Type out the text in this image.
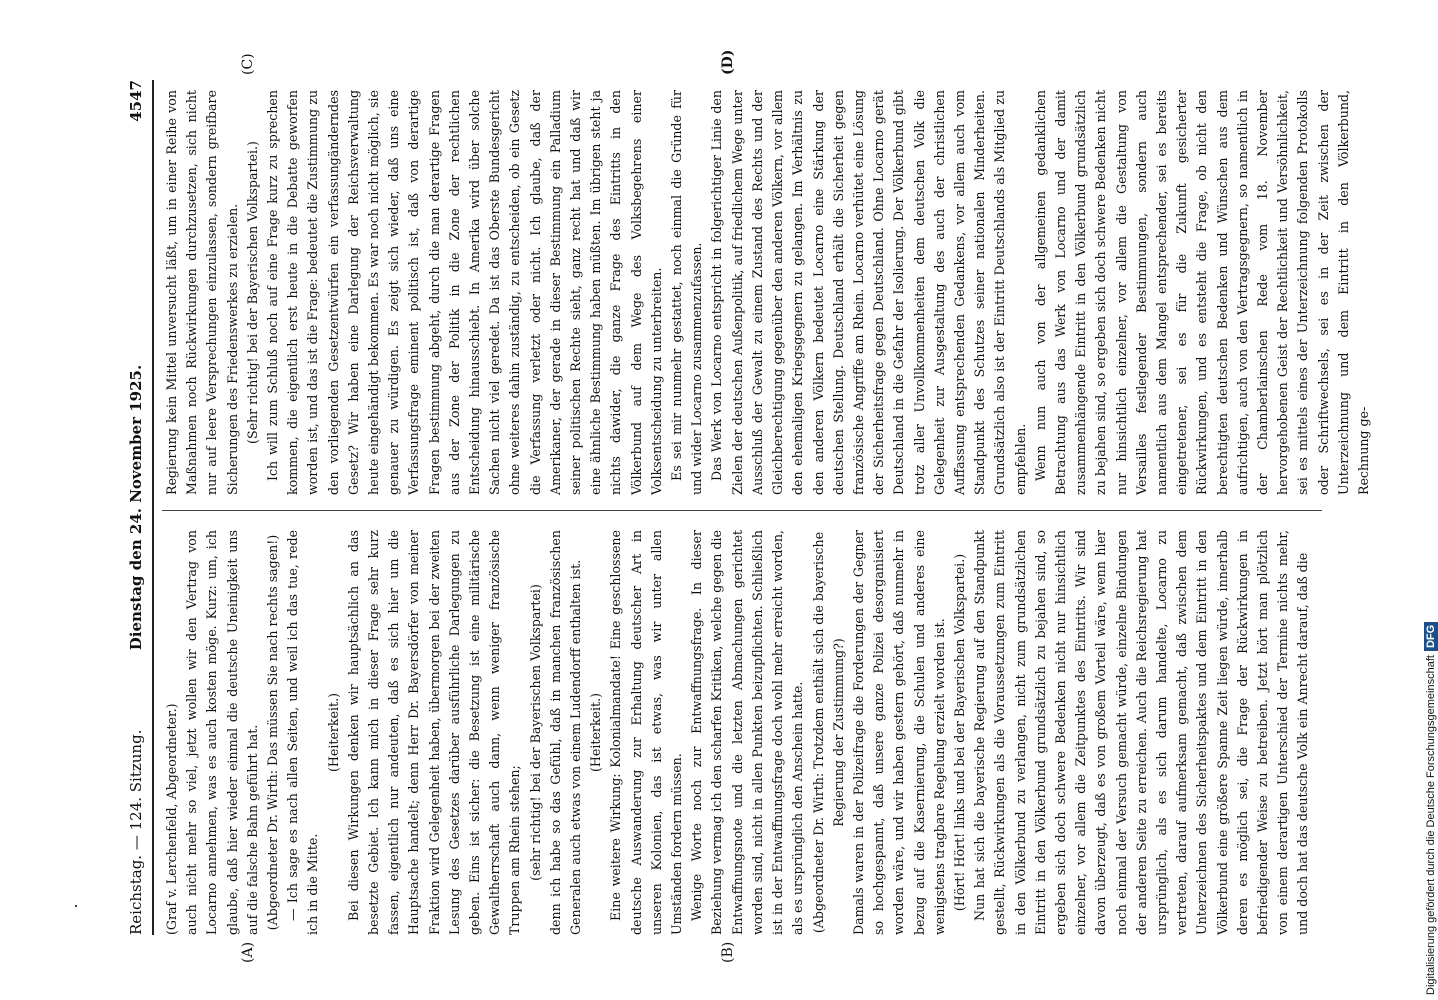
Reichstag. — 124. Sitzung.
Dienstag den 24. November 1925.
4547

(Graf v. Lerchenfeld, Abgeordneter.) auch nicht mehr so viel, jetzt wollen wir den Vertrag von Locarno annehmen, was es auch kosten möge. Kurz: um, ich glaube, daß hier wieder einmal die deutsche Uneinigkeit uns auf die falsche Bahn geführt hat. (Abgeordneter Dr. Wirth: Das müssen Sie nach rechts sagen!) — Ich sage es nach allen Seiten, und weil ich das tue, rede ich in die Mitte.

(Heiterkeit.) Bei diesen Wirkungen denken wir hauptsächlich an das besetzte Gebiet. Ich kann mich in dieser Frage sehr kurz fassen, eigentlich nur andeuten, daß es sich hier um die Hauptsache handelt; denn Herr Dr. Bayersdörfer von meiner Fraktion wird Gelegenheit haben, übermorgen bei der zweiten Lesung des Gesetzes darüber ausführliche Darlegungen zu geben. Eins ist sicher: die Besetzung ist eine militärische Gewaltherrschaft auch dann, wenn weniger französische Truppen am Rhein stehen; (sehr richtig! bei der Bayerischen Volkspartei) denn ich habe so das Gefühl, daß in manchen französischen Generalen auch etwas von einem Ludendorff enthalten ist. (Heiterkeit.) Eine weitere Wirkung: Kolonialmandate! Eine geschlossene deutsche Auswanderung zur Erhaltung deutscher Art in unseren Kolonien, das ist etwas, was wir unter allen Umständen fordern müssen. Wenige Worte noch zur Entwaffnungsfrage. In dieser Beziehung vermag ich den scharfen Kritiken, welche gegen die Entwaffnungsnote und die letzten Abmachungen gerichtet worden sind, nicht in allen Punkten beizupflichten. Schließlich ist in der Entwaffnungsfrage doch wohl mehr erreicht worden, als es ursprünglich den Anschein hatte. (Abgeordneter Dr. Wirth: Trotzdem enthält sich die bayerische Regierung der Zustimmung?) Damals waren in der Polizeifrage die Forderungen der Gegner so hochgespannt, daß unsere ganze Polizei desorganisiert worden wäre, und wir haben gestern gehört, daß nunmehr in bezug auf die Kasernierung, die Schulen und anderes eine wenigstens tragbare Regelung erzielt worden ist. (Hört! Hört! links und bei der Bayerischen Volkspartei.) Nun hat sich die bayerische Regierung auf den Standpunkt gestellt, Rückwirkungen als die Voraussetzungen zum Eintritt in den Völkerbund zu verlangen, nicht zum grundsätzlichen Eintritt in den Völkerbund grundsätzlich zu bejahen sind, so ergeben sich doch schwere Bedenken nicht nur hinsichtlich einzelner, vor allem die Zeitpunktes des Eintritts. Wir sind davon überzeugt, daß es von großem Vorteil wäre, wenn hier noch einmal der Versuch gemacht würde, einzelne Bindungen der anderen Seite zu erreichen. Auch die Reichsregierung hat ursprünglich, als es sich darum handelte, Locarno zu vertreten, darauf aufmerksam gemacht, daß zwischen dem Unterzeichnen des Sicherheitspaktes und dem Eintritt in den Völkerbund eine größere Spanne Zeit liegen würde, innerhalb deren es möglich sei, die Frage der Rückwirkungen in befriedigender Weise zu betreiben. Jetzt hört man plötzlich von einem derartigen Unterschied der Termine nichts mehr, und doch hat das deutsche Volk ein Anrecht darauf, daß die

Regierung kein Mittel unversucht läßt, um in einer Reihe von Maßnahmen noch Rückwirkungen durchzusetzen, sich nicht nur auf leere Versprechungen einzulassen, sondern greifbare Sicherungen des Friedenswerkes zu erzielen. (Sehr richtig! bei der Bayerischen Volkspartei.) Ich will zum Schluß noch auf eine Frage kurz zu sprechen kommen, die eigentlich erst heute in die Debatte geworfen worden ist, und das ist die Frage: bedeutet die Zustimmung zu den vorliegenden Gesetzentwürfen ein verfassungänderndes Gesetz? Wir haben eine Darlegung der Reichsverwaltung heute eingehändigt bekommen. Es war noch nicht möglich, sie genauer zu würdigen. Es zeigt sich wieder, daß uns eine Verfassungsfrage eminent politisch ist, daß von derartige Fragen bestimmung abgeht, durch die man derartige Fragen aus der Zone der Politik in die Zone der rechtlichen Entscheidung hinausschiebt. In Amerika wird über solche Sachen nicht viel geredet. Da ist das Oberste Bundesgericht ohne weiteres dahin zuständig, zu entscheiden, ob ein Gesetz die Verfassung verletzt oder nicht. Ich glaube, daß der Amerikaner, der gerade in dieser Bestimmung ein Palladium seiner politischen Rechte sieht, ganz recht hat und daß wir eine ähnliche Bestimmung haben müßten. Im übrigen steht ja nichts dawider, die ganze Frage des Eintritts in den Völkerbund auf dem Wege des Volksbegehrens einer Volksentscheidung zu unterbreiten. Es sei mir nunmehr gestattet, noch einmal die Gründe für und wider Locarno zusammenzufassen. Das Werk von Locarno entspricht in folgerichtiger Linie den Zielen der deutschen Außenpolitik, auf friedlichem Wege unter Ausschluß der Gewalt zu einem Zustand des Rechts und der Gleichberechtigung gegenüber den anderen Völkern, vor allem den ehemaligen Kriegsgegnern zu gelangen. Im Verhältnis zu den anderen Völkern bedeutet Locarno eine Stärkung der deutschen Stellung. Deutschland erhält die Sicherheit gegen französische Angriffe am Rhein. Locarno verhütet eine Lösung der Sicherheitsfrage gegen Deutschland. Ohne Locarno gerät Deutschland in die Gefahr der Isolierung. Der Völkerbund gibt trotz aller Unvollkommenheiten dem deutschen Volk die Gelegenheit zur Ausgestaltung des auch der christlichen Auffassung entsprechenden Gedankens, vor allem auch vom Standpunkt des Schutzes seiner nationalen Minderheiten. Grundsätzlich also ist der Eintritt Deutschlands als Mitglied zu empfehlen. Wenn nun auch von der allgemeinen gedanklichen Betrachtung aus das Werk von Locarno und der damit zusammenhängende Eintritt in den Völkerbund grundsätzlich zu bejahen sind, so ergeben sich doch schwere Bedenken nicht nur hinsichtlich einzelner, vor allem die Gestaltung von Versailles festlegender Bestimmungen, sondern auch namentlich aus dem Mangel entsprechender, sei es bereits eingetretener, sei es für die Zukunft gesicherter Rückwirkungen, und es entsteht die Frage, ob nicht den berechtigten deutschen Bedenken und Wünschen aus dem aufrichtigen, auch von den Vertragsgegnern, so namentlich in der Chamberlainschen Rede vom 18. November hervorgehobenen Geist der Rechtlichkeit und Versöhnlichkeit, sei es mittels eines der Unterzeichnung folgenden Protokolls oder Schriftwechsels, sei es in der Zeit zwischen der Unterzeichnung und dem Eintritt in den Völkerbund, Rechnung ge-

(A)	(B)
(C)	(D)
Digitalisierung gefördert durch die Deutsche ForschungsgemeinschaftDFG
